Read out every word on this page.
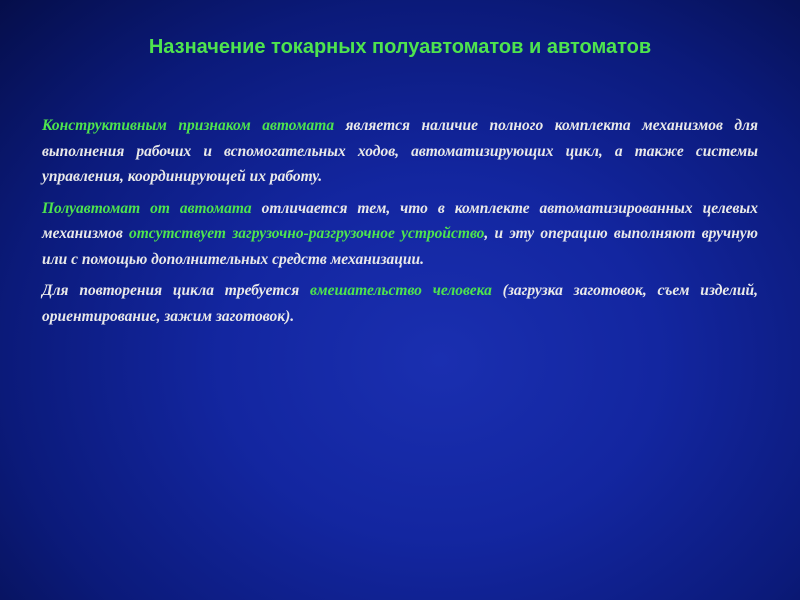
Назначение токарных полуавтоматов и автоматов

Конструктивным признаком автомата является наличие полного комплекта механизмов для выполнения рабочих и вспомогательных ходов, автоматизирующих цикл, а также системы управления, координирующей их работу.

Полуавтомат от автомата отличается тем, что в комплекте автоматизированных целевых механизмов отсутствует загрузочно-разгрузочное устройство, и эту операцию выполняют вручную или с помощью дополнительных средств механизации.

Для повторения цикла требуется вмешательство человека (загрузка заготовок, съем изделий, ориентирование, зажим заготовок).
